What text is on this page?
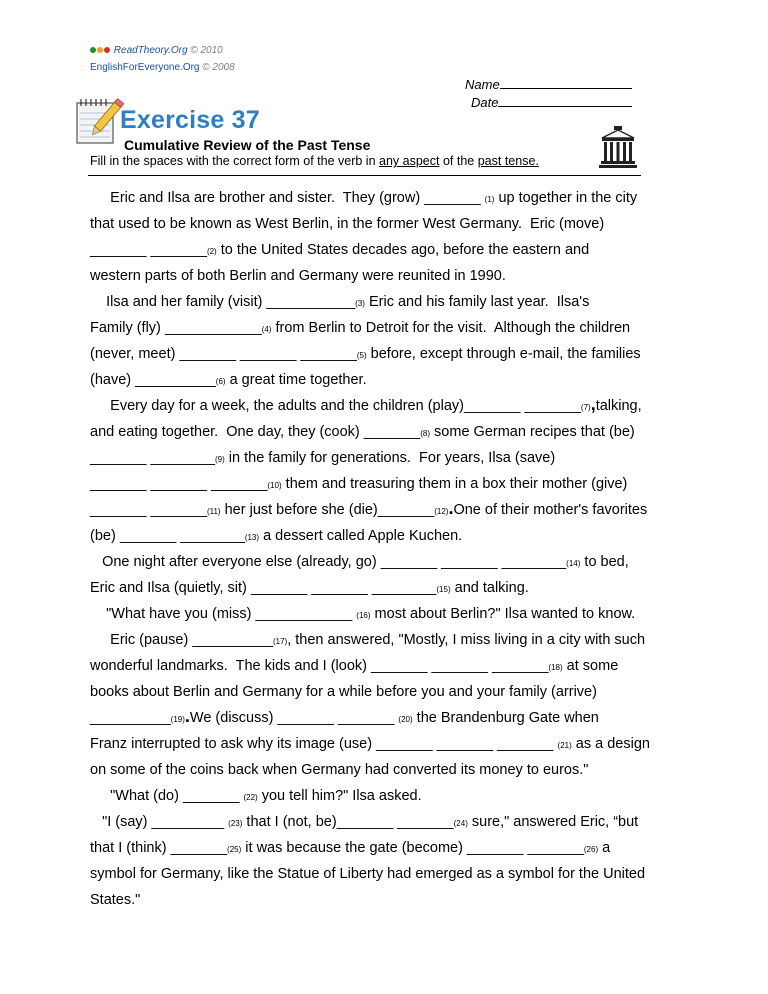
ReadTheory.Org © 2010
EnglishForEveryone.Org © 2008
Name
Date
Exercise 37
Cumulative Review of the Past Tense
Fill in the spaces with the correct form of the verb in any aspect of the past tense.
Eric and Ilsa are brother and sister.  They (grow) _______ (1) up together in the city
that used to be known as West Berlin, in the former West Germany.  Eric (move)
_______ _______(2) to the United States decades ago, before the eastern and
western parts of both Berlin and Germany were reunited in 1990.
Ilsa and her family (visit) ___________(3) Eric and his family last year.  Ilsa's
Family (fly) ____________(4) from Berlin to Detroit for the visit.  Although the children
(never, meet) _______ _______ _______(5) before, except through e-mail, the families
(have) __________(6) a great time together.
Every day for a week, the adults and the children (play)_______ _______(7),talking,
and eating together.  One day, they (cook) _______(8) some German recipes that (be)
_______ ________(9) in the family for generations.  For years, Ilsa (save)
_______ _______ _______(10) them and treasuring them in a box their mother (give)
_______ _______(11) her just before she (die)_______(12).One of their mother's favorites
(be) _______ ________(13) a dessert called Apple Kuchen.
One night after everyone else (already, go) _______ _______ ________(14) to bed,
Eric and Ilsa (quietly, sit) _______ _______ ________(15) and talking.
"What have you (miss) ____________ (16) most about Berlin?" Ilsa wanted to know.
Eric (pause) __________(17), then answered, "Mostly, I miss living in a city with such
wonderful landmarks.  The kids and I (look) _______ _______ _______(18) at some
books about Berlin and Germany for a while before you and your family (arrive)
__________(19).We (discuss) _______ _______ (20) the Brandenburg Gate when
Franz interrupted to ask why its image (use) _______ _______ _______ (21) as a design
on some of the coins back when Germany had converted its money to euros."
"What (do) _______ (22) you tell him?" Ilsa asked.
"I (say) _________ (23) that I (not, be)_______ _______(24) sure," answered Eric, “but
that I (think) _______(25) it was because the gate (become) _______ _______(26) a
symbol for Germany, like the Statue of Liberty had emerged as a symbol for the United
States."
